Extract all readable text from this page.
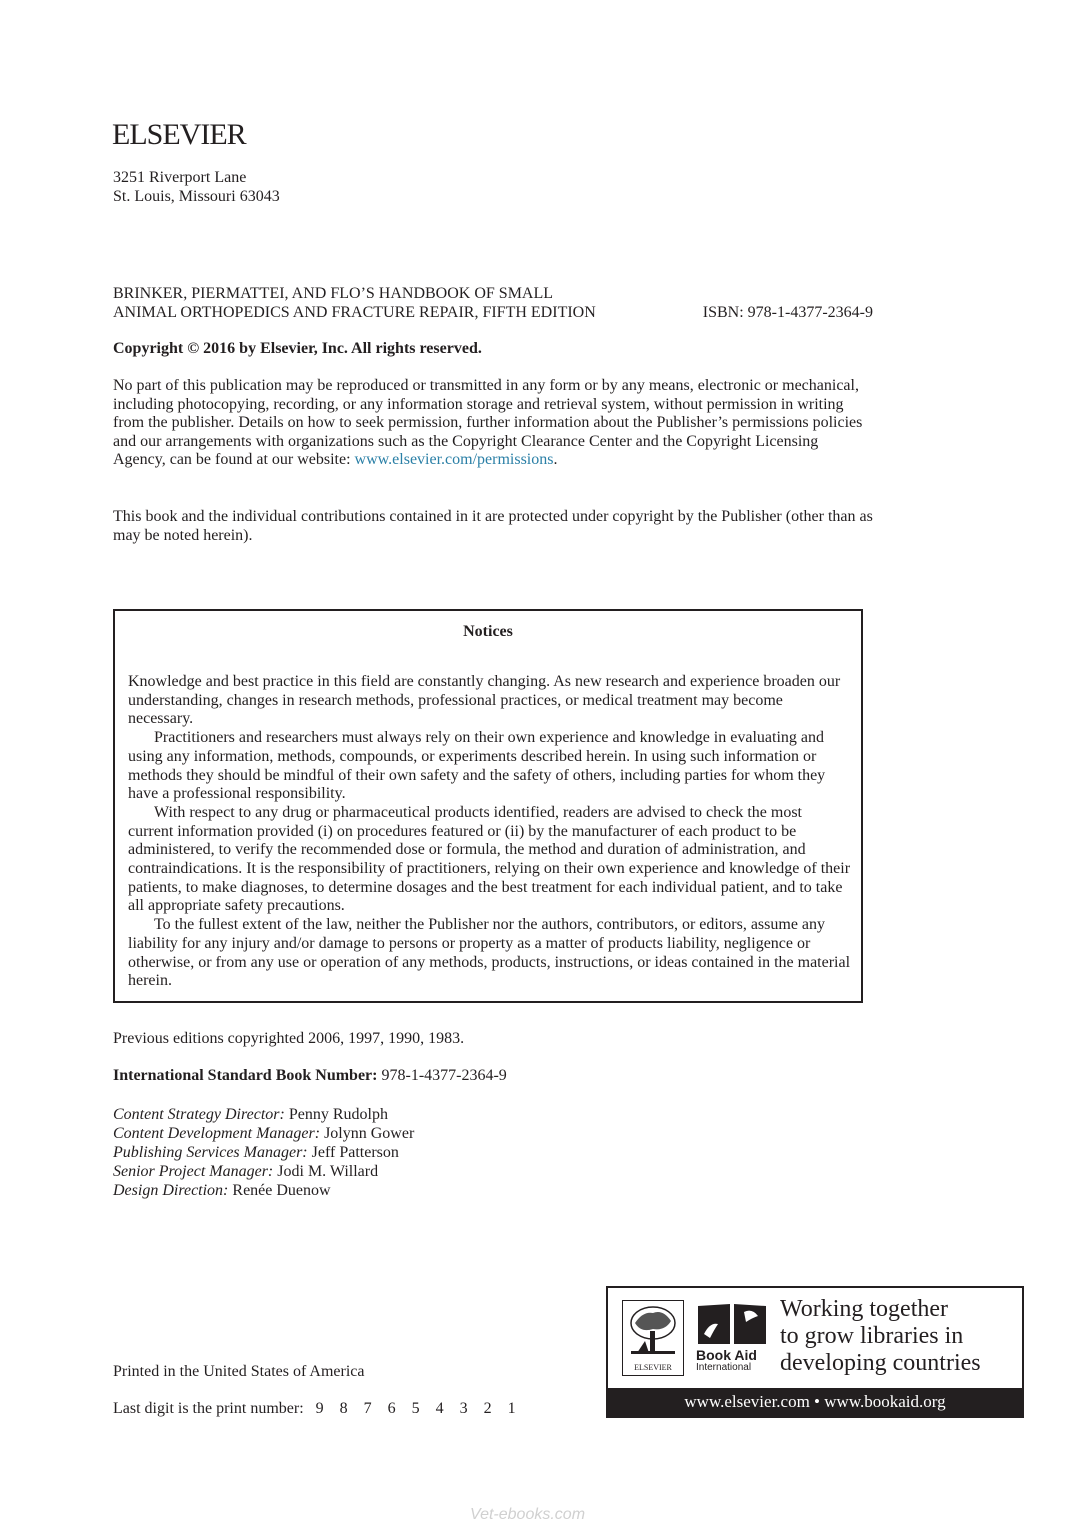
ELSEVIER
3251 Riverport Lane
St. Louis, Missouri 63043
BRINKER, PIERMATTEI, AND FLO’S HANDBOOK OF SMALL
ANIMAL ORTHOPEDICS AND FRACTURE REPAIR, FIFTH EDITION	ISBN: 978-1-4377-2364-9
Copyright © 2016 by Elsevier, Inc. All rights reserved.
No part of this publication may be reproduced or transmitted in any form or by any means, electronic or mechanical, including photocopying, recording, or any information storage and retrieval system, without permission in writing from the publisher. Details on how to seek permission, further information about the Publisher’s permissions policies and our arrangements with organizations such as the Copyright Clearance Center and the Copyright Licensing Agency, can be found at our website: www.elsevier.com/permissions.
This book and the individual contributions contained in it are protected under copyright by the Publisher (other than as may be noted herein).
Notices

Knowledge and best practice in this field are constantly changing. As new research and experience broaden our understanding, changes in research methods, professional practices, or medical treatment may become necessary.

Practitioners and researchers must always rely on their own experience and knowledge in evaluating and using any information, methods, compounds, or experiments described herein. In using such information or methods they should be mindful of their own safety and the safety of others, including parties for whom they have a professional responsibility.

With respect to any drug or pharmaceutical products identified, readers are advised to check the most current information provided (i) on procedures featured or (ii) by the manufacturer of each product to be administered, to verify the recommended dose or formula, the method and duration of administration, and contraindications. It is the responsibility of practitioners, relying on their own experience and knowledge of their patients, to make diagnoses, to determine dosages and the best treatment for each individual patient, and to take all appropriate safety precautions.

To the fullest extent of the law, neither the Publisher nor the authors, contributors, or editors, assume any liability for any injury and/or damage to persons or property as a matter of products liability, negligence or otherwise, or from any use or operation of any methods, products, instructions, or ideas contained in the material herein.

Previous editions copyrighted 2006, 1997, 1990, 1983.
International Standard Book Number: 978-1-4377-2364-9
Content Strategy Director: Penny Rudolph
Content Development Manager: Jolynn Gower
Publishing Services Manager: Jeff Patterson
Senior Project Manager: Jodi M. Willard
Design Direction: Renée Duenow
Printed in the United States of America
Last digit is the print number: 9 8 7 6 5 4 3 2 1
ELSEVIER
Book Aid
International
Working together
to grow libraries in
developing countries
www.elsevier.com • www.bookaid.org
Vet-ebooks.com
